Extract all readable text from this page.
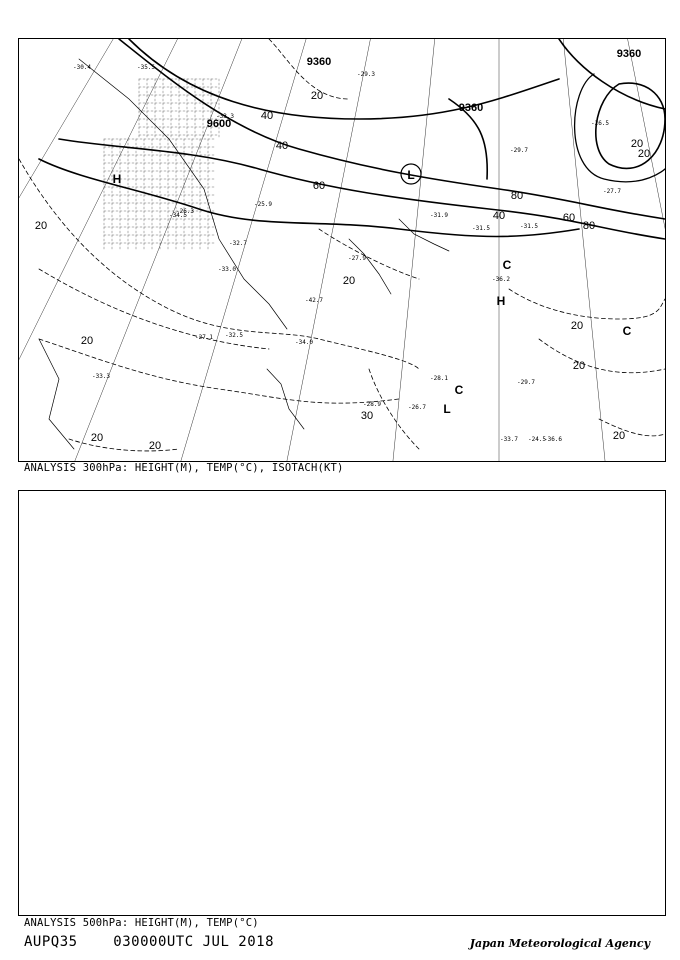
20
40
40
60
80
80
60
40
20
20
20
20
20
30
20
20
20
20
20
9360
9360
9360
9600
H	L
H
L
C
C
C
-42.7
-34.5
-35.5
-36.2
-36.6
-33.3
-34.0
-33.0
-32.5
-31.5	-31.5
-29.3
-30.4
-33.7
-32.7
-28.1
-27.9
-27.7
-26.5
-25.9
-24.5
-26.3
-26.7
-27.1
-29.7
-31.9
-28.9
-33.3
-29.7
ANALYSIS 300hPa: HEIGHT(M), TEMP(°C), ISOTACH(KT)
ANALYSIS 500hPa: HEIGHT(M), TEMP(°C)
AUPQ35	030000UTC JUL 2018	Japan Meteorological Agency
